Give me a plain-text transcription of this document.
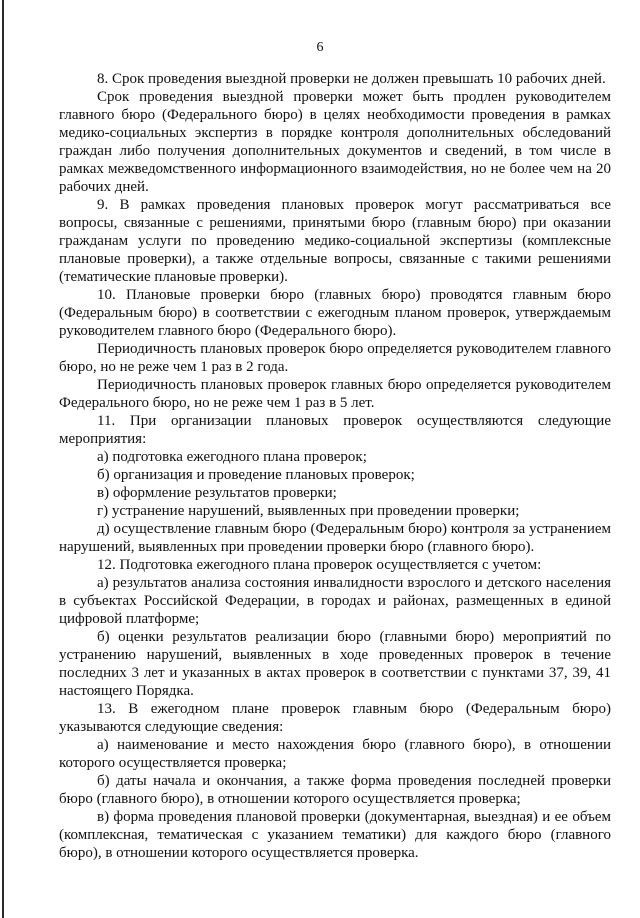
6

8. Срок проведения выездной проверки не должен превышать 10 рабочих дней.

Срок проведения выездной проверки может быть продлен руководителем главного бюро (Федерального бюро) в целях необходимости проведения в рамках медико-социальных экспертиз в порядке контроля дополнительных обследований граждан либо получения дополнительных документов и сведений, в том числе в рамках межведомственного информационного взаимодействия, но не более чем на 20 рабочих дней.

9. В рамках проведения плановых проверок могут рассматриваться все вопросы, связанные с решениями, принятыми бюро (главным бюро) при оказании гражданам услуги по проведению медико-социальной экспертизы (комплексные плановые проверки), а также отдельные вопросы, связанные с такими решениями (тематические плановые проверки).

10. Плановые проверки бюро (главных бюро) проводятся главным бюро (Федеральным бюро) в соответствии с ежегодным планом проверок, утверждаемым руководителем главного бюро (Федерального бюро).

Периодичность плановых проверок бюро определяется руководителем главного бюро, но не реже чем 1 раз в 2 года.

Периодичность плановых проверок главных бюро определяется руководителем Федерального бюро, но не реже чем 1 раз в 5 лет.

11. При организации плановых проверок осуществляются следующие мероприятия:

а) подготовка ежегодного плана проверок;

б) организация и проведение плановых проверок;

в) оформление результатов проверки;

г) устранение нарушений, выявленных при проведении проверки;

д) осуществление главным бюро (Федеральным бюро) контроля за устранением нарушений, выявленных при проведении проверки бюро (главного бюро).

12. Подготовка ежегодного плана проверок осуществляется с учетом:

а) результатов анализа состояния инвалидности взрослого и детского населения в субъектах Российской Федерации, в городах и районах, размещенных в единой цифровой платформе;

б) оценки результатов реализации бюро (главными бюро) мероприятий по устранению нарушений, выявленных в ходе проведенных проверок в течение последних 3 лет и указанных в актах проверок в соответствии с пунктами 37, 39, 41 настоящего Порядка.

13. В ежегодном плане проверок главным бюро (Федеральным бюро) указываются следующие сведения:

а) наименование и место нахождения бюро (главного бюро), в отношении которого осуществляется проверка;

б) даты начала и окончания, а также форма проведения последней проверки бюро (главного бюро), в отношении которого осуществляется проверка;

в) форма проведения плановой проверки (документарная, выездная) и ее объем (комплексная, тематическая с указанием тематики) для каждого бюро (главного бюро), в отношении которого осуществляется проверка.
